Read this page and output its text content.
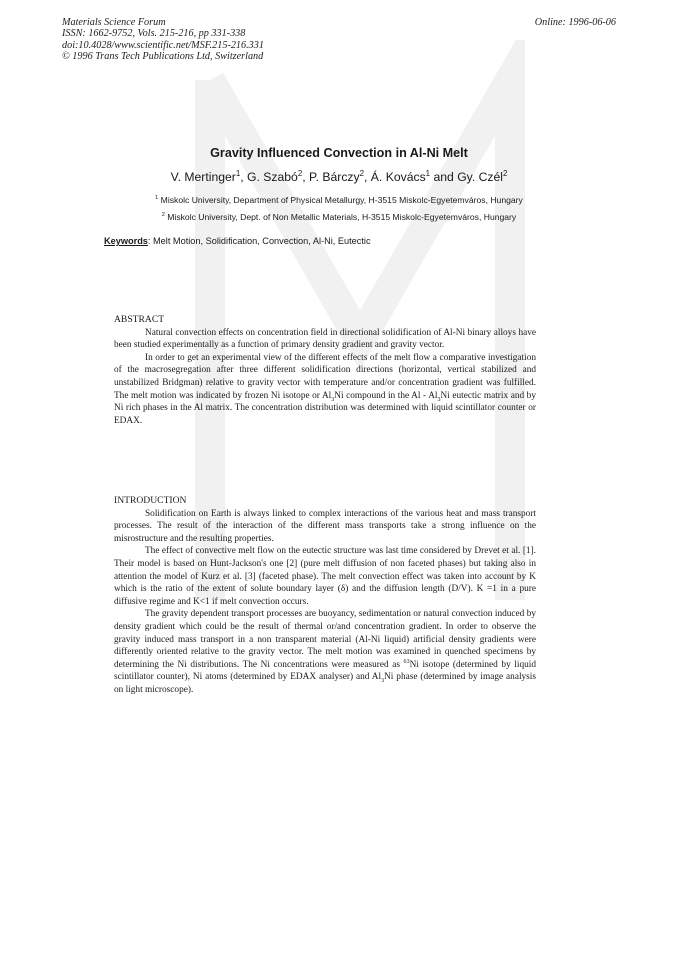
Materials Science Forum
ISSN: 1662-9752, Vols. 215-216, pp 331-338
doi:10.4028/www.scientific.net/MSF.215-216.331
© 1996 Trans Tech Publications Ltd, Switzerland
Online: 1996-06-06
Gravity Influenced Convection in Al-Ni Melt
V. Mertinger$^1$, G. Szabó$^2$, P. Bárczy$^2$, Á. Kovács$^1$ and Gy. Czél$^2$
$^1$ Miskolc University, Department of Physical Metallurgy, H-3515 Miskolc-Egyetemváros, Hungary
$^2$ Miskolc University, Dept. of Non Metallic Materials, H-3515 Miskolc-Egyetemváros, Hungary
Keywords: Melt Motion, Solidification, Convection, Al-Ni, Eutectic
ABSTRACT

Natural convection effects on concentration field in directional solidification of Al-Ni binary alloys have been studied experimentally as a function of primary density gradient and gravity vector.

In order to get an experimental view of the different effects of the melt flow a comparative investigation of the macrosegregation after three different solidification directions (horizontal, vertical stabilized and unstabilized Bridgman) relative to gravity vector with temperature and/or concentration gradient was fulfilled. The melt motion was indicated by frozen Ni isotope or $Al_3Ni$ compound in the Al - $Al_3Ni$ eutectic matrix and by Ni rich phases in the Al matrix. The concentration distribution was determined with liquid scintillator counter or EDAX.

INTRODUCTION

Solidification on Earth is always linked to complex interactions of the various heat and mass transport processes. The result of the interaction of the different mass transports take a strong influence on the misrostructure and the resulting properties.

The effect of convective melt flow on the eutectic structure was last time considered by Drevet et al. [1]. Their model is based on Hunt-Jackson's one [2] (pure melt diffusion of non faceted phases) but taking also in attention the model of Kurz et al. [3] (faceted phase). The melt convection effect was taken into account by K which is the ratio of the extent of solute boundary layer (δ) and the diffusion length (D/V). K =1 in a pure diffusive regime and K<1 if melt convection occurs.

The gravity dependent transport processes are buoyancy, sedimentation or natural convection induced by density gradient which could be the result of thermal or/and concentration gradient. In order to observe the gravity induced mass transport in a non transparent material (Al-Ni liquid) artificial density gradients were differently oriented relative to the gravity vector. The melt motion was examined in quenched specimens by determining the Ni distributions. The Ni concentrations were measured as $^{63}$Ni isotope (determined by liquid scintillator counter), Ni atoms (determined by EDAX analyser) and $Al_3Ni$ phase (determined by image analysis on light microscope).
